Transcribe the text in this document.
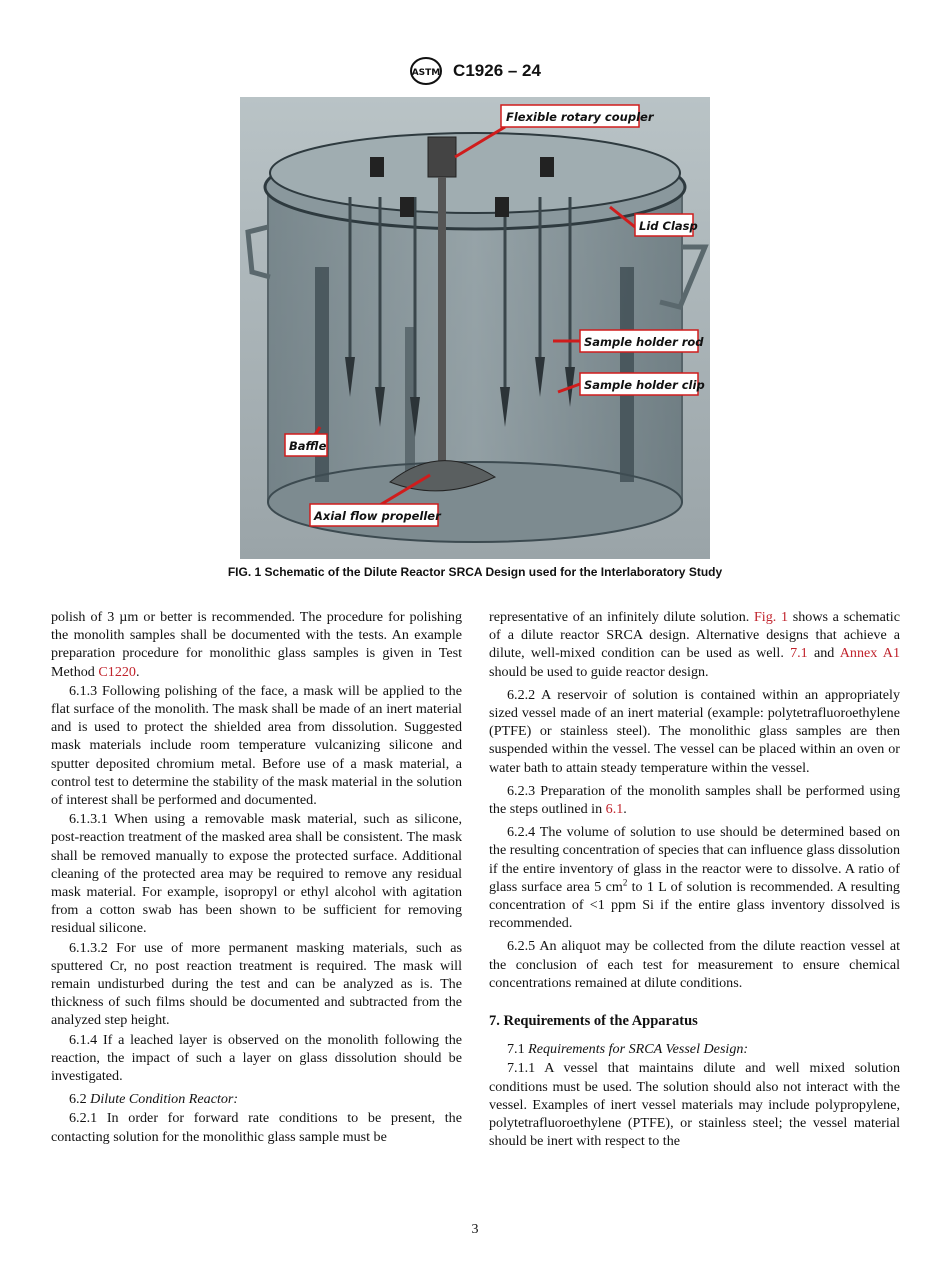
ASTM C1926 – 24
Flexible rotary coupler
Lid Clasp
Sample holder rod
Sample holder clip
Baffle
Axial flow propeller
FIG. 1 Schematic of the Dilute Reactor SRCA Design used for the Interlaboratory Study

polish of 3 µm or better is recommended. The procedure for polishing the monolith samples shall be documented with the tests. An example preparation procedure for monolithic glass samples is given in Test Method C1220.

6.1.3 Following polishing of the face, a mask will be applied to the flat surface of the monolith. The mask shall be made of an inert material and is used to protect the shielded area from dissolution. Suggested mask materials include room temperature vulcanizing silicone and sputter deposited chromium metal. Before use of a mask material, a control test to determine the stability of the mask material in the solution of interest shall be performed and documented.

6.1.3.1 When using a removable mask material, such as silicone, post-reaction treatment of the masked area shall be consistent. The mask shall be removed manually to expose the protected surface. Additional cleaning of the protected area may be required to remove any residual mask material. For example, isopropyl or ethyl alcohol with agitation from a cotton swab has been shown to be sufficient for removing residual silicone.

6.1.3.2 For use of more permanent masking materials, such as sputtered Cr, no post reaction treatment is required. The mask will remain undisturbed during the test and can be analyzed as is. The thickness of such films should be documented and subtracted from the analyzed step height.

6.1.4 If a leached layer is observed on the monolith following the reaction, the impact of such a layer on glass dissolution should be investigated.

6.2 Dilute Condition Reactor:

6.2.1 In order for forward rate conditions to be present, the contacting solution for the monolithic glass sample must be

representative of an infinitely dilute solution. Fig. 1 shows a schematic of a dilute reactor SRCA design. Alternative designs that achieve a dilute, well-mixed condition can be used as well. 7.1 and Annex A1 should be used to guide reactor design.

6.2.2 A reservoir of solution is contained within an appropriately sized vessel made of an inert material (example: polytetrafluoroethylene (PTFE) or stainless steel). The monolithic glass samples are then suspended within the vessel. The vessel can be placed within an oven or water bath to attain steady temperature within the vessel.

6.2.3 Preparation of the monolith samples shall be performed using the steps outlined in 6.1.

6.2.4 The volume of solution to use should be determined based on the resulting concentration of species that can influence glass dissolution if the entire inventory of glass in the reactor were to dissolve. A ratio of glass surface area 5 $cm^2$ to 1 L of solution is recommended. A resulting concentration of <1 ppm Si if the entire glass inventory dissolved is recommended.

6.2.5 An aliquot may be collected from the dilute reaction vessel at the conclusion of each test for measurement to ensure chemical concentrations remained at dilute conditions.

7. Requirements of the Apparatus

7.1 Requirements for SRCA Vessel Design:

7.1.1 A vessel that maintains dilute and well mixed solution conditions must be used. The solution should also not interact with the vessel. Examples of inert vessel materials may include polypropylene, polytetrafluoroethylene (PTFE), or stainless steel; the vessel material should be inert with respect to the

3
